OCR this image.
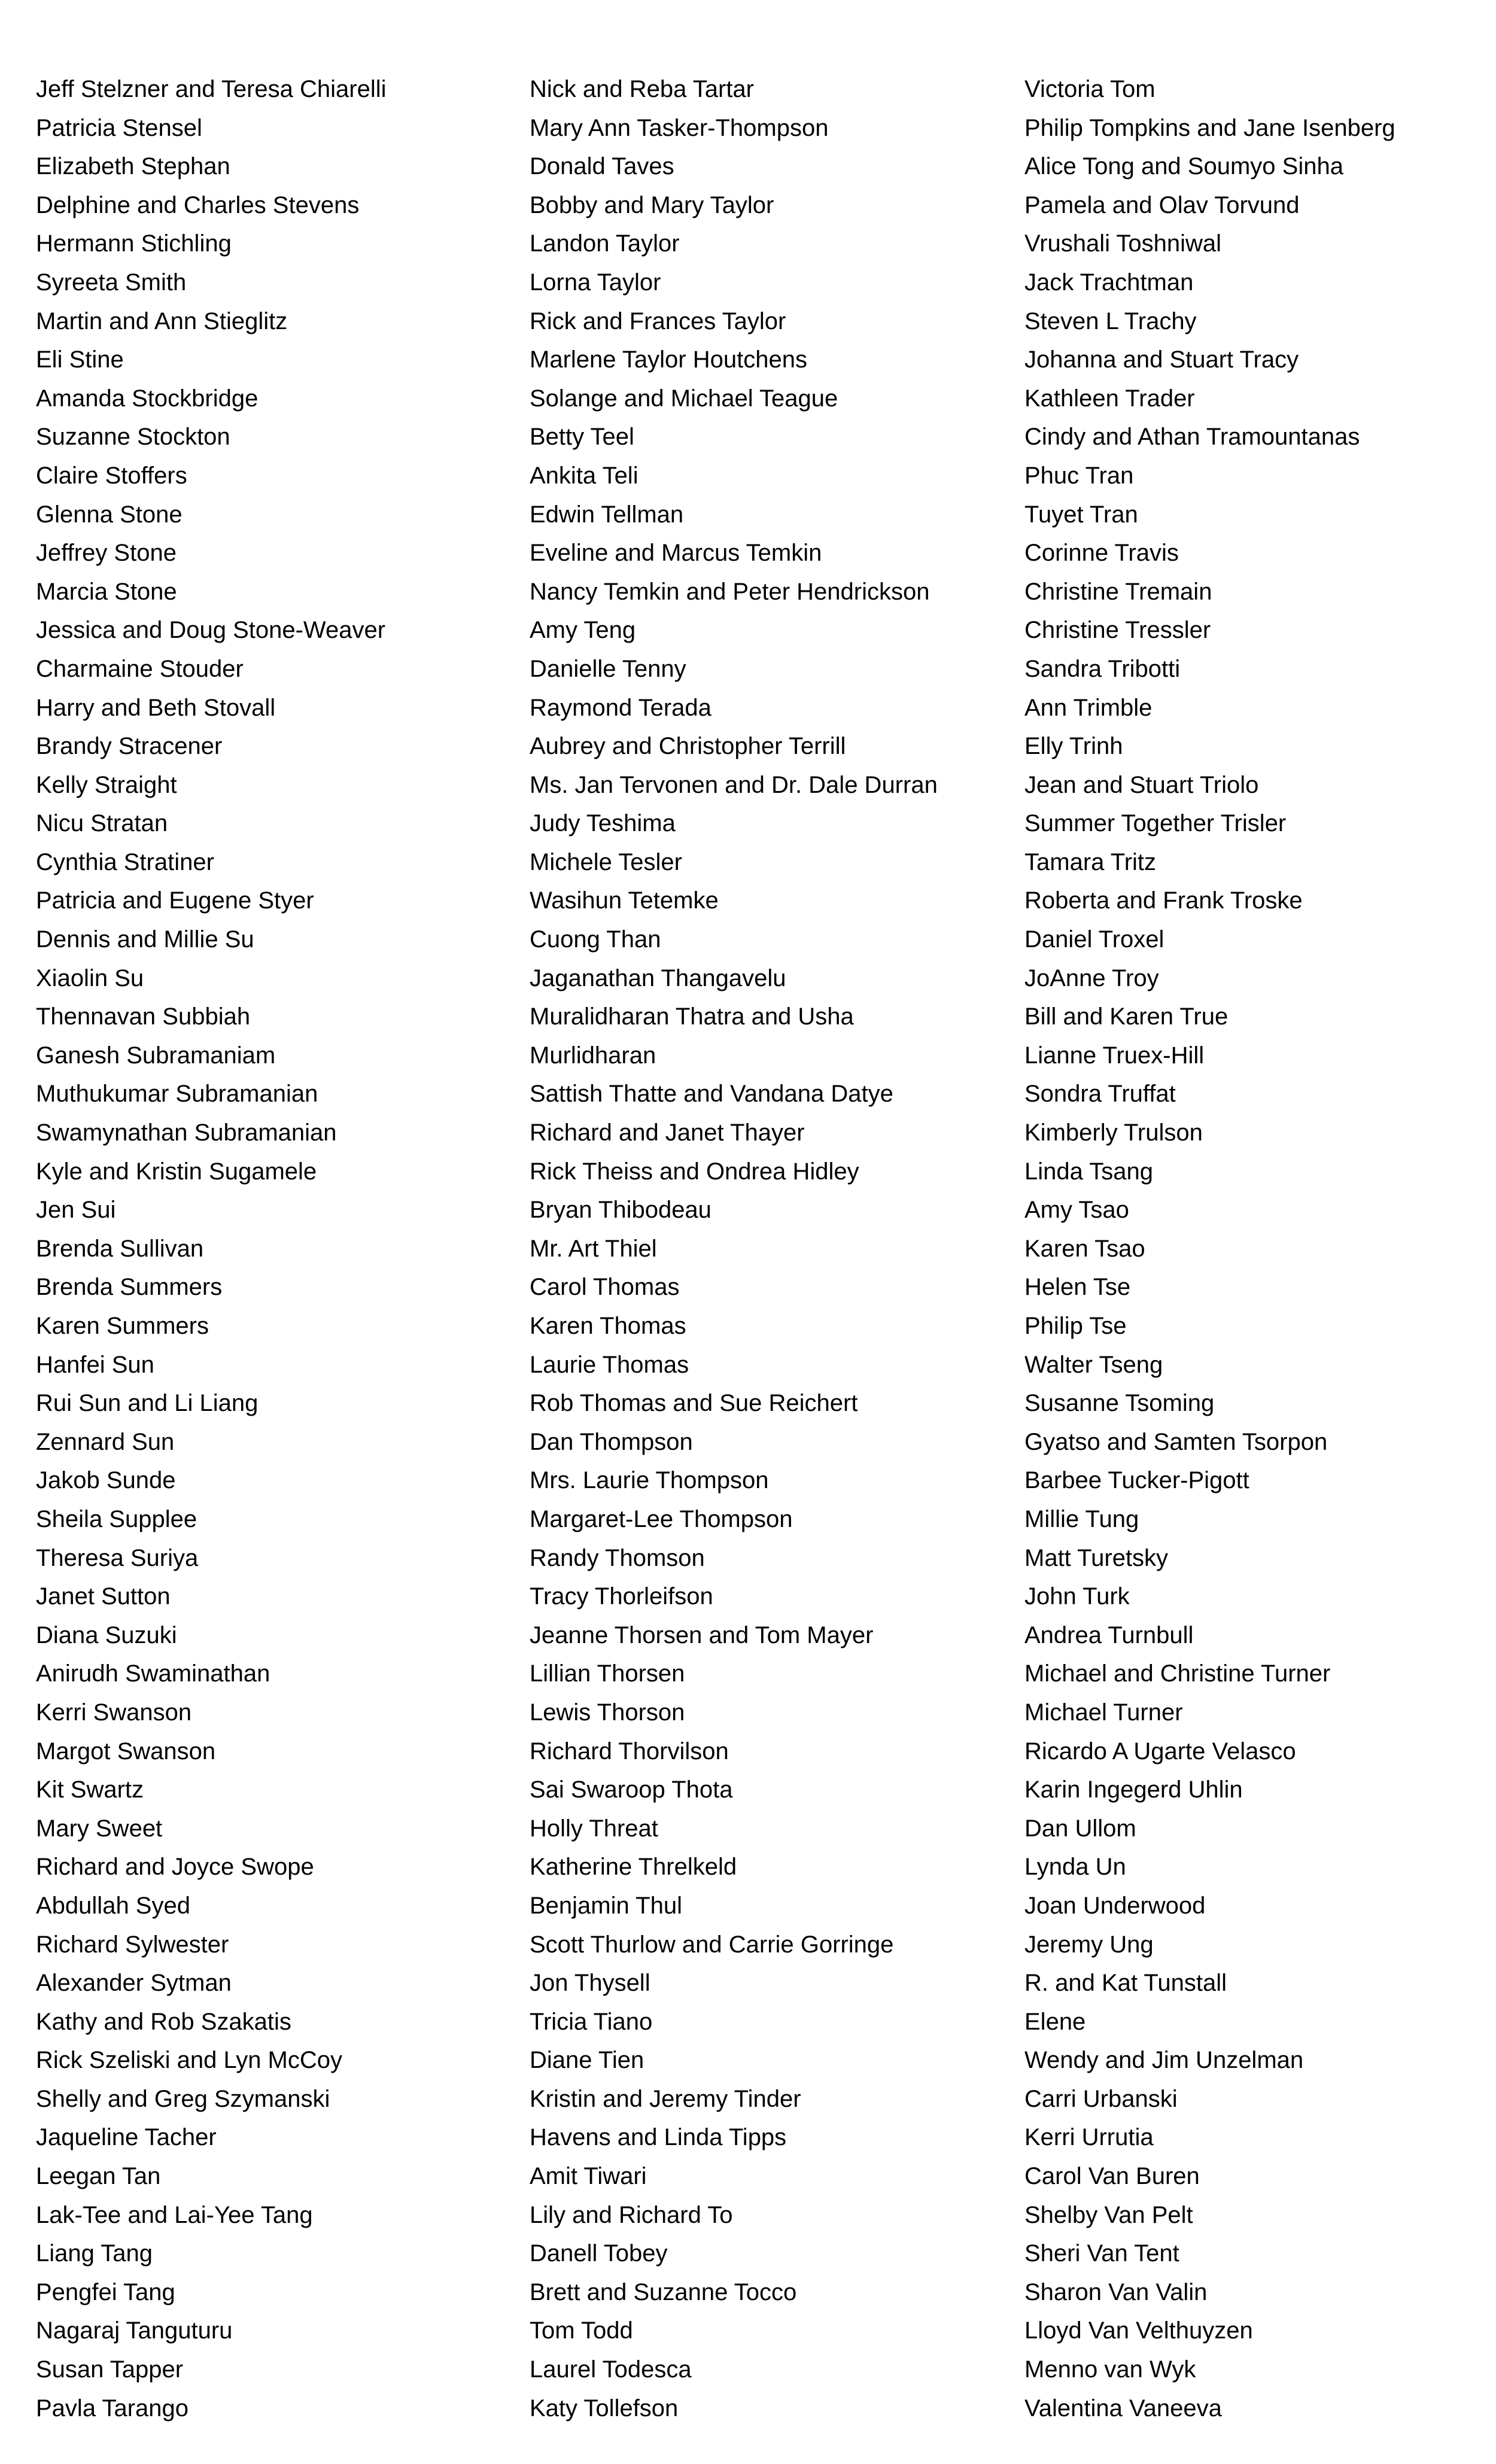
Jeff Stelzner and Teresa Chiarelli
Patricia Stensel
Elizabeth Stephan
Delphine and Charles Stevens
Hermann Stichling
Syreeta Smith
Martin and Ann Stieglitz
Eli Stine
Amanda Stockbridge
Suzanne Stockton
Claire Stoffers
Glenna Stone
Jeffrey Stone
Marcia Stone
Jessica and Doug Stone-Weaver
Charmaine Stouder
Harry and Beth Stovall
Brandy Stracener
Kelly Straight
Nicu Stratan
Cynthia Stratiner
Patricia and Eugene Styer
Dennis and Millie Su
Xiaolin Su
Thennavan Subbiah
Ganesh Subramaniam
Muthukumar Subramanian
Swamynathan Subramanian
Kyle and Kristin Sugamele
Jen Sui
Brenda Sullivan
Brenda Summers
Karen Summers
Hanfei Sun
Rui Sun and Li Liang
Zennard Sun
Jakob Sunde
Sheila Supplee
Theresa Suriya
Janet Sutton
Diana Suzuki
Anirudh Swaminathan
Kerri Swanson
Margot Swanson
Kit Swartz
Mary Sweet
Richard and Joyce Swope
Abdullah Syed
Richard Sylwester
Alexander Sytman
Kathy and Rob Szakatis
Rick Szeliski and Lyn McCoy
Shelly and Greg Szymanski
Jaqueline Tacher
Leegan Tan
Lak-Tee and Lai-Yee Tang
Liang Tang
Pengfei Tang
Nagaraj Tanguturu
Susan Tapper
Pavla Tarango
Nick and Reba Tartar
Mary Ann Tasker-Thompson
Donald Taves
Bobby and Mary Taylor
Landon Taylor
Lorna Taylor
Rick and Frances Taylor
Marlene Taylor Houtchens
Solange and Michael Teague
Betty Teel
Ankita Teli
Edwin Tellman
Eveline and Marcus Temkin
Nancy Temkin and Peter Hendrickson
Amy Teng
Danielle Tenny
Raymond Terada
Aubrey and Christopher Terrill
Ms. Jan Tervonen and Dr. Dale Durran
Judy Teshima
Michele Tesler
Wasihun Tetemke
Cuong Than
Jaganathan Thangavelu
Muralidharan Thatra and Usha
Murlidharan
Sattish Thatte and Vandana Datye
Richard and Janet Thayer
Rick Theiss and Ondrea Hidley
Bryan Thibodeau
Mr. Art Thiel
Carol Thomas
Karen Thomas
Laurie Thomas
Rob Thomas and Sue Reichert
Dan Thompson
Mrs. Laurie Thompson
Margaret-Lee Thompson
Randy Thomson
Tracy Thorleifson
Jeanne Thorsen and Tom Mayer
Lillian Thorsen
Lewis Thorson
Richard Thorvilson
Sai Swaroop Thota
Holly Threat
Katherine Threlkeld
Benjamin Thul
Scott Thurlow and Carrie Gorringe
Jon Thysell
Tricia Tiano
Diane Tien
Kristin and Jeremy Tinder
Havens and Linda Tipps
Amit Tiwari
Lily and Richard To
Danell Tobey
Brett and Suzanne Tocco
Tom Todd
Laurel Todesca
Katy Tollefson
Victoria Tom
Philip Tompkins and Jane Isenberg
Alice Tong and Soumyo Sinha
Pamela and Olav Torvund
Vrushali Toshniwal
Jack Trachtman
Steven L Trachy
Johanna and Stuart Tracy
Kathleen Trader
Cindy and Athan Tramountanas
Phuc Tran
Tuyet Tran
Corinne Travis
Christine Tremain
Christine Tressler
Sandra Tribotti
Ann Trimble
Elly Trinh
Jean and Stuart Triolo
Summer Together Trisler
Tamara Tritz
Roberta and Frank Troske
Daniel Troxel
JoAnne Troy
Bill and Karen True
Lianne Truex-Hill
Sondra Truffat
Kimberly Trulson
Linda Tsang
Amy Tsao
Karen Tsao
Helen Tse
Philip Tse
Walter Tseng
Susanne Tsoming
Gyatso and Samten Tsorpon
Barbee Tucker-Pigott
Millie Tung
Matt Turetsky
John Turk
Andrea Turnbull
Michael and Christine Turner
Michael Turner
Ricardo A Ugarte Velasco
Karin Ingegerd Uhlin
Dan Ullom
Lynda Un
Joan Underwood
Jeremy Ung
R. and Kat Tunstall
Elene
Wendy and Jim Unzelman
Carri Urbanski
Kerri Urrutia
Carol Van Buren
Shelby Van Pelt
Sheri Van Tent
Sharon Van Valin
Lloyd Van Velthuyzen
Menno van Wyk
Valentina Vaneeva
